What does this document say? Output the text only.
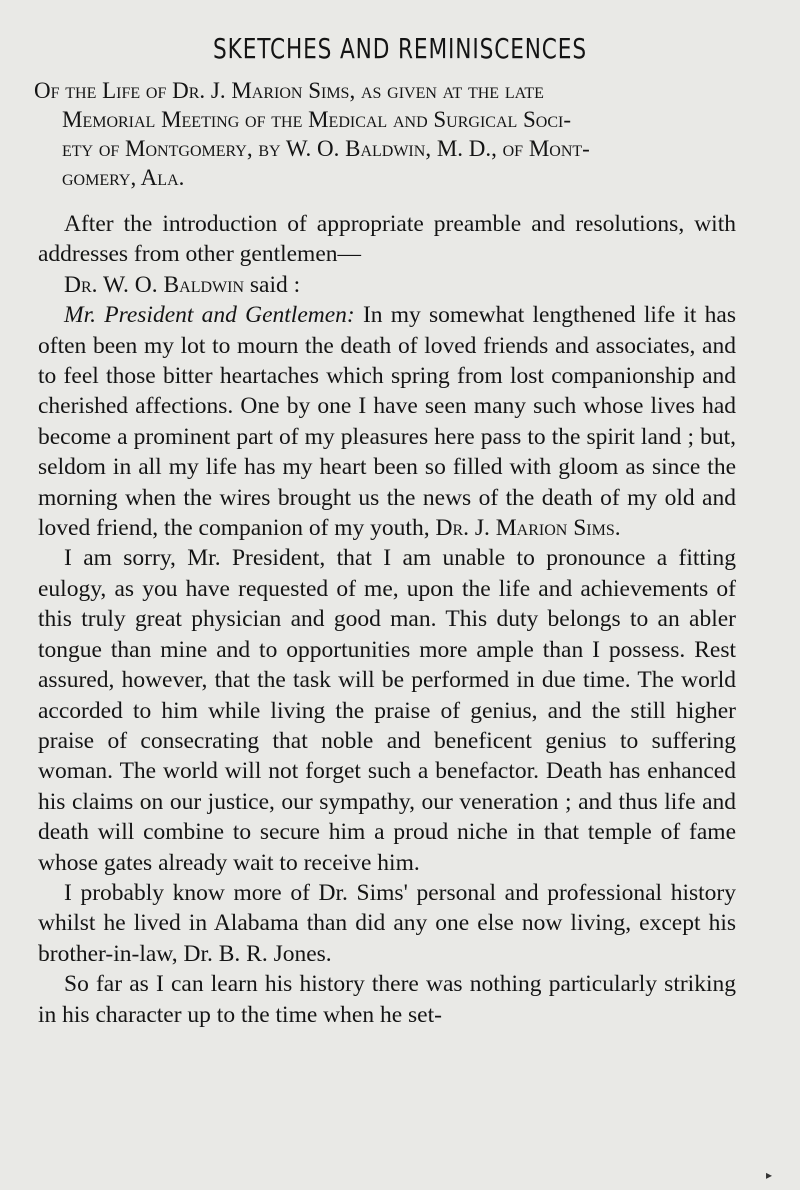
SKETCHES AND REMINISCENCES
Of the Life of Dr. J. Marion Sims, as given at the late
Memorial Meeting of the Medical and Surgical Soci-
ety of Montgomery, by W. O. Baldwin, M. D., of Mont-
gomery, Ala.

After the introduction of appropriate preamble and resolutions, with addresses from other gentlemen—

Dr. W. O. Baldwin said :

Mr. President and Gentlemen: In my somewhat lengthened life it has often been my lot to mourn the death of loved friends and associates, and to feel those bitter heartaches which spring from lost companionship and cherished affections. One by one I have seen many such whose lives had become a prominent part of my pleasures here pass to the spirit land ; but, seldom in all my life has my heart been so filled with gloom as since the morning when the wires brought us the news of the death of my old and loved friend, the companion of my youth, Dr. J. Marion Sims.

I am sorry, Mr. President, that I am unable to pronounce a fitting eulogy, as you have requested of me, upon the life and achievements of this truly great physician and good man. This duty belongs to an abler tongue than mine and to opportunities more ample than I possess. Rest assured, however, that the task will be performed in due time. The world accorded to him while living the praise of genius, and the still higher praise of consecrating that noble and beneficent genius to suffering woman. The world will not forget such a benefactor. Death has enhanced his claims on our justice, our sympathy, our veneration ; and thus life and death will combine to secure him a proud niche in that temple of fame whose gates already wait to receive him.

I probably know more of Dr. Sims' personal and professional history whilst he lived in Alabama than did any one else now living, except his brother-in-law, Dr. B. R. Jones.

So far as I can learn his history there was nothing particularly striking in his character up to the time when he set-

▸
